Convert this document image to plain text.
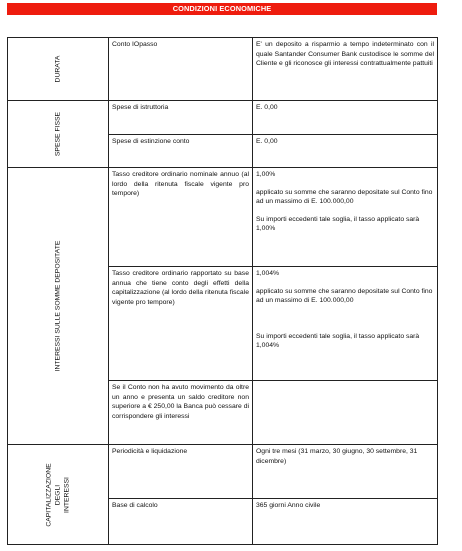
CONDIZIONI ECONOMICHE
DURATA	Conto IOpasso	E' un deposito a risparmio a tempo indeterminato con il quale Santander Consumer Bank custodisce le somme del Cliente e gli riconosce gli interessi contrattualmente pattuiti

SPESE FISSE	Spese di istruttoria	E. 0,00
	Spese di estinzione conto	E. 0,00

INTERESSI SULLE SOMME DEPOSITATE	Tasso creditore ordinario nominale annuo (al lordo della ritenuta fiscale vigente pro tempore)	1,00%
applicato su somme che saranno depositate sul Conto fino ad un massimo di E. 100.000,00
Su importi eccedenti tale soglia, il tasso applicato sarà 1,00%

	Tasso creditore ordinario rapportato su base annua che tiene conto degli effetti della capitalizzazione (al lordo della ritenuta fiscale vigente pro tempore)	1,004%
applicato su somme che saranno depositate sul Conto fino ad un massimo di E. 100.000,00
Su importi eccedenti tale soglia, il tasso applicato sarà 1,004%

	Se il Conto non ha avuto movimento da oltre un anno e presenta un saldo creditore non superiore a € 250,00 la Banca può cessare di corrispondere gli interessi	

CAPITALIZZAZIONE DEGLI INTERESSI	Periodicità e liquidazione	Ogni tre mesi (31 marzo, 30 giugno, 30 settembre, 31 dicembre)
	Base di calcolo	365 giorni Anno civile
